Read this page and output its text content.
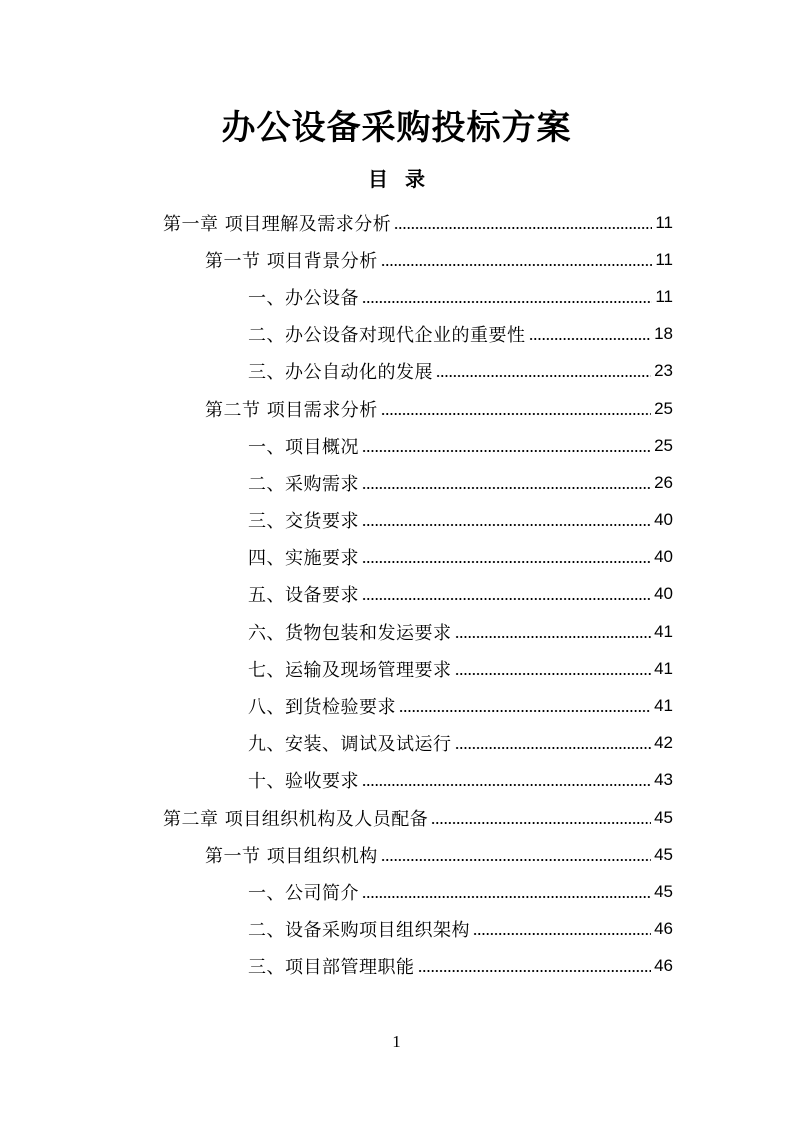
办公设备采购投标方案
目 录
第一章 项目理解及需求分析	11
第一节 项目背景分析	11
一、办公设备	11
二、办公设备对现代企业的重要性	18
三、办公自动化的发展	23
第二节 项目需求分析	25
一、项目概况	25
二、采购需求	26
三、交货要求	40
四、实施要求	40
五、设备要求	40
六、货物包装和发运要求	41
七、运输及现场管理要求	41
八、到货检验要求	41
九、安装、调试及试运行	42
十、验收要求	43
第二章 项目组织机构及人员配备	45
第一节 项目组织机构	45
一、公司简介	45
二、设备采购项目组织架构	46
三、项目部管理职能	46
1
